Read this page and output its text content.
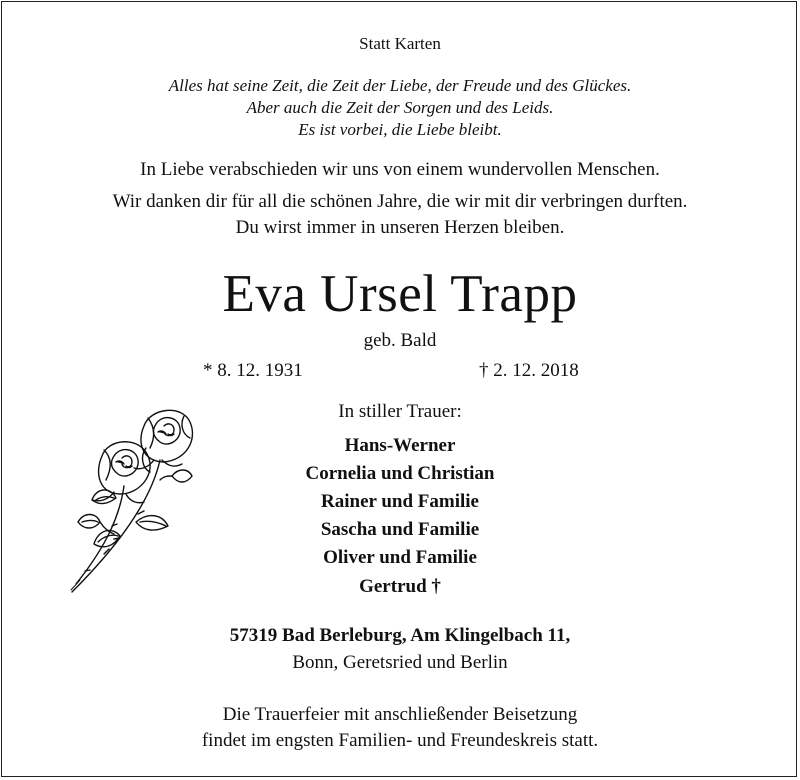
Statt Karten
Alles hat seine Zeit, die Zeit der Liebe, der Freude und des Glückes.
Aber auch die Zeit der Sorgen und des Leids.
Es ist vorbei, die Liebe bleibt.
In Liebe verabschieden wir uns von einem wundervollen Menschen.
Wir danken dir für all die schönen Jahre, die wir mit dir verbringen durften.
Du wirst immer in unseren Herzen bleiben.
Eva Ursel Trapp
geb. Bald
* 8. 12. 1931	† 2. 12. 2018
In stiller Trauer:
Hans-Werner
Cornelia und Christian
Rainer und Familie
Sascha und Familie
Oliver und Familie
Gertrud †
57319 Bad Berleburg, Am Klingelbach 11,
Bonn, Geretsried und Berlin
Die Trauerfeier mit anschließender Beisetzung
findet im engsten Familien- und Freundeskreis statt.
